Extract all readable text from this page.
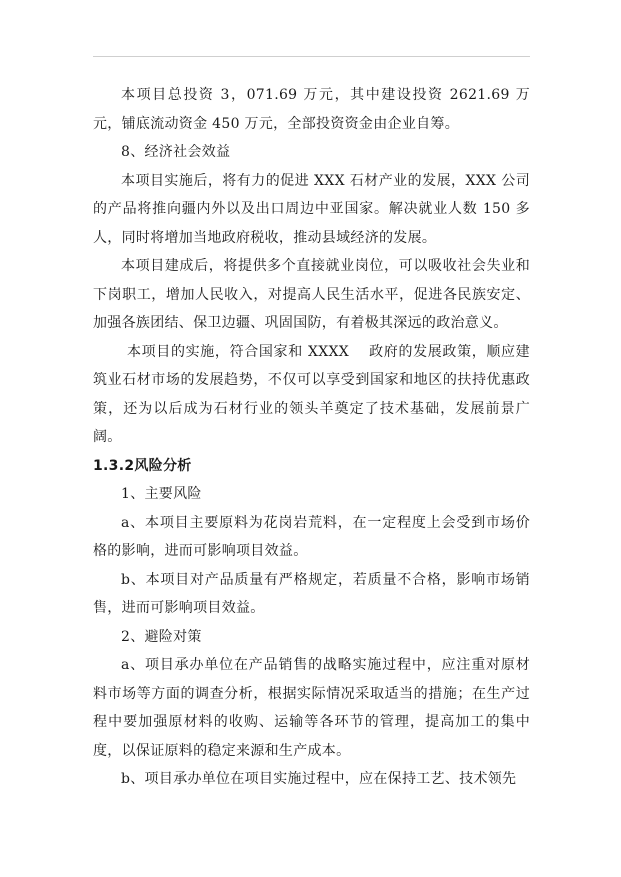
本项目总投资 3，071.69 万元，其中建设投资 2621.69 万元，铺底流动资金 450 万元，全部投资资金由企业自筹。

8、经济社会效益

本项目实施后，将有力的促进 XXX 石材产业的发展，XXX 公司的产品将推向疆内外以及出口周边中亚国家。解决就业人数 150 多人，同时将增加当地政府税收，推动县域经济的发展。

本项目建成后，将提供多个直接就业岗位，可以吸收社会失业和下岗职工，增加人民收入，对提高人民生活水平，促进各民族安定、加强各族团结、保卫边疆、巩固国防，有着极其深远的政治意义。

本项目的实施，符合国家和 XXXX　 政府的发展政策，顺应建筑业石材市场的发展趋势，不仅可以享受到国家和地区的扶持优惠政策，还为以后成为石材行业的领头羊奠定了技术基础，发展前景广阔。

1.3.2风险分析

1、主要风险

a、本项目主要原料为花岗岩荒料，在一定程度上会受到市场价格的影响，进而可影响项目效益。

b、本项目对产品质量有严格规定，若质量不合格，影响市场销售，进而可影响项目效益。

2、避险对策

a、项目承办单位在产品销售的战略实施过程中，应注重对原材料市场等方面的调查分析，根据实际情况采取适当的措施；在生产过程中要加强原材料的收购、运输等各环节的管理，提高加工的集中度，以保证原料的稳定来源和生产成本。

b、项目承办单位在项目实施过程中，应在保持工艺、技术领先
